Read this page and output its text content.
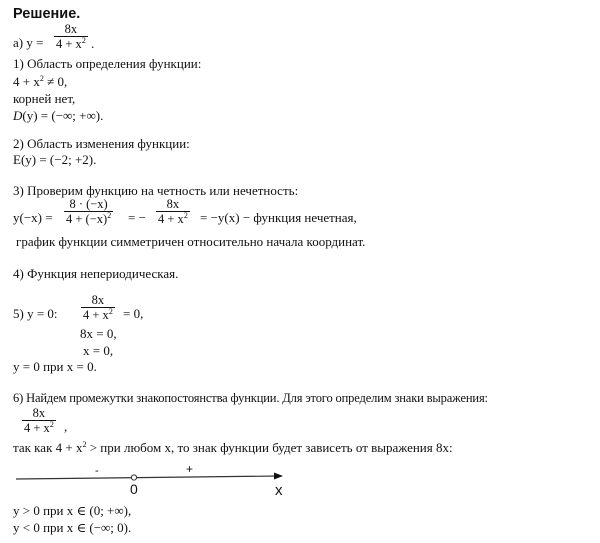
Решение.
а) $y = \frac{8x}{4 + x^2}$ .
1) Область определения функции:
$4 + x^2 \ne 0$,
корней нет,
D(y) = (−∞; +∞).
2) Область изменения функции:
E(y) = (−2; +2).
3) Проверим функцию на четность или нечетность:
$y(-x) = \frac{8 \cdot (-x)}{4 + (-x)^2}$ = − $\frac{8x}{4 + x^2} = -y(x)$ − функция нечетная,
график функции симметричен относительно начала координат.
4) Функция непериодическая.
5) y = 0: $\frac{8x}{4 + x^2} = 0$,
8x = 0,
x = 0,
y = 0 при x = 0.
6) Найдем промежутки знакопостоянства функции. Для этого определим знаки выражения:
$\frac{8x}{4 + x^2}$ ,
так как $4 + x^2$ > при любом x, то знак функции будет зависеть от выражения 8x:
-	+
0	x
y > 0 при x ∈ (0; +∞),
y < 0 при x ∈ (−∞; 0).
